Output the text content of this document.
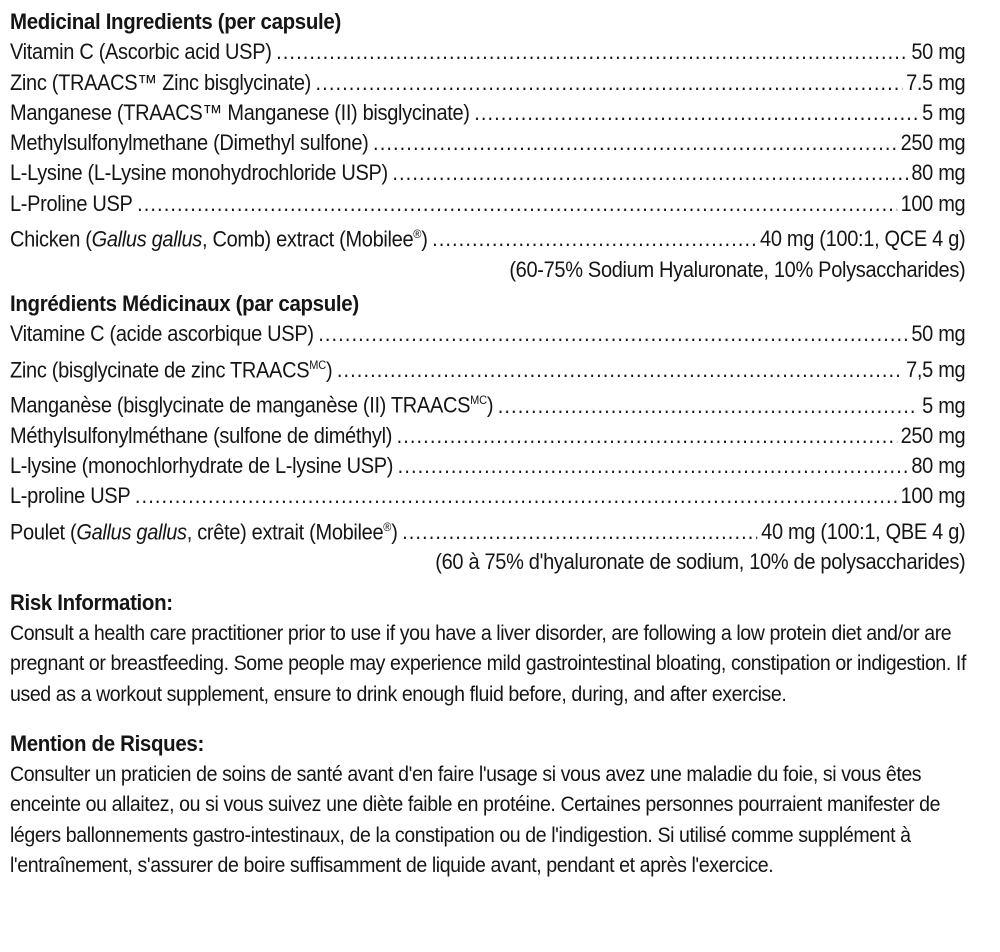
Medicinal Ingredients (per capsule)
Vitamin C (Ascorbic acid USP) .....	50 mg
Zinc (TRAACS™ Zinc bisglycinate) .....	7.5 mg
Manganese (TRAACS™ Manganese (II) bisglycinate) .....	5 mg
Methylsulfonylmethane (Dimethyl sulfone) .....	250 mg
L-Lysine (L-Lysine monohydrochloride USP) .....	80 mg
L-Proline USP .....	100 mg
Chicken (Gallus gallus, Comb) extract (Mobilee®) .....	40 mg (100:1, QCE 4 g)
(60-75% Sodium Hyaluronate, 10% Polysaccharides)
Ingrédients Médicinaux (par capsule)
Vitamine C (acide ascorbique USP) .....	50 mg
Zinc (bisglycinate de zinc $TRAACS^{MC}$) .....	7,5 mg
Manganèse (bisglycinate de manganèse (II) $TRAACS^{MC}$) .....	5 mg
Méthylsulfonylméthane (sulfone de diméthyl) .....	250 mg
L-lysine (monochlorhydrate de L-lysine USP) .....	80 mg
L-proline USP .....	100 mg
Poulet (Gallus gallus, crête) extrait (Mobilee®) .....	40 mg (100:1, QBE 4 g)
(60 à 75% d'hyaluronate de sodium, 10% de polysaccharides)
Risk Information:

Consult a health care practitioner prior to use if you have a liver disorder, are following a low protein diet and/or are pregnant or breastfeeding. Some people may experience mild gastrointestinal bloating, constipation or indigestion. If used as a workout supplement, ensure to drink enough fluid before, during, and after exercise.

Mention de Risques:

Consulter un praticien de soins de santé avant d'en faire l'usage si vous avez une maladie du foie, si vous êtes enceinte ou allaitez, ou si vous suivez une diète faible en protéine. Certaines personnes pourraient manifester de légers ballonnements gastro-intestinaux, de la constipation ou de l'indigestion. Si utilisé comme supplément à l'entraînement, s'assurer de boire suffisamment de liquide avant, pendant et après l'exercice.
